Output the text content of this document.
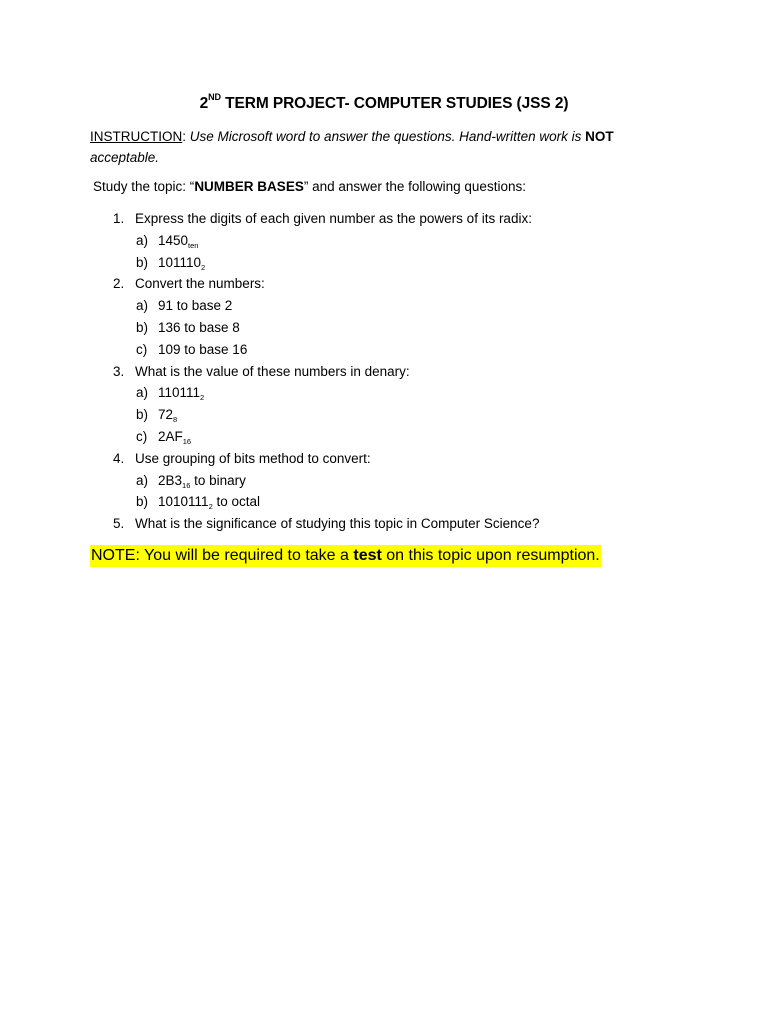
2ND TERM PROJECT- COMPUTER STUDIES (JSS 2)
INSTRUCTION: Use Microsoft word to answer the questions. Hand-written work is NOT
acceptable.
Study the topic: “NUMBER BASES” and answer the following questions:
1. Express the digits of each given number as the powers of its radix:
a) $1450_{ten}$
b) $101110_2$
2. Convert the numbers:
a) 91 to base 2
b) 136 to base 8
c) 109 to base 16
3. What is the value of these numbers in denary:
a) $110111_2$
b) $72_8$
c) $2AF_{16}$
4. Use grouping of bits method to convert:
a) $2B3_{16}$ to binary
b) $1010111_2$ to octal
5. What is the significance of studying this topic in Computer Science?
NOTE: You will be required to take a test on this topic upon resumption.
